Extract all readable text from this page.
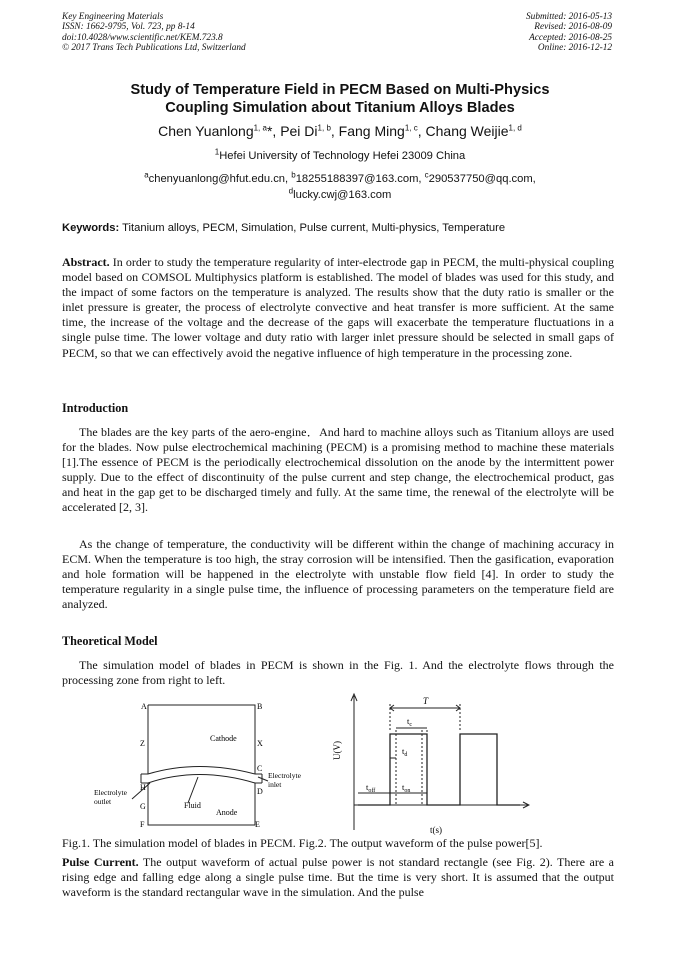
Key Engineering Materials
ISSN: 1662-9795, Vol. 723, pp 8-14
doi:10.4028/www.scientific.net/KEM.723.8
© 2017 Trans Tech Publications Ltd, Switzerland
Submitted: 2016-05-13
Revised: 2016-08-09
Accepted: 2016-08-25
Online: 2016-12-12
Study of Temperature Field in PECM Based on Multi-Physics
Coupling Simulation about Titanium Alloys Blades
Chen Yuanlong$^{1, a}$*, Pei Di$^{1, b}$, Fang Ming$^{1, c}$, Chang Weijie$^{1, d}$
$^1$Hefei University of Technology Hefei 23009 China
$^a$chenyuanlong@hfut.edu.cn, $^b$18255188397@163.com, $^c$290537750@qq.com,
$^d$lucky.cwj@163.com
Keywords: Titanium alloys, PECM, Simulation, Pulse current, Multi-physics, Temperature
Abstract. In order to study the temperature regularity of inter-electrode gap in PECM, the multi-physical coupling model based on COMSOL Multiphysics platform is established. The model of blades was used for this study, and the impact of some factors on the temperature is analyzed. The results show that the duty ratio is smaller or the inlet pressure is greater, the process of electrolyte convective and heat transfer is more sufficient. At the same time, the increase of the voltage and the decrease of the gaps will exacerbate the temperature fluctuations in a single pulse time. The lower voltage and duty ratio with larger inlet pressure should be selected in small gaps of PECM, so that we can effectively avoid the negative influence of high temperature in the processing zone.
Introduction
The blades are the key parts of the aero-engine．And hard to machine alloys such as Titanium alloys are used for the blades. Now pulse electrochemical machining (PECM) is a promising method to machine these materials [1].The essence of PECM is the periodically electrochemical dissolution on the anode by the intermittent power supply. Due to the effect of discontinuity of the pulse current and step change, the electrochemical product, gas and heat in the gap get to be discharged timely and fully. At the same time, the renewal of the electrolyte will be accelerated [2, 3].
As the change of temperature, the conductivity will be different within the change of machining accuracy in ECM. When the temperature is too high, the stray corrosion will be intensified. Then the gasification, evaporation and hole formation will be happened in the electrolyte with unstable flow field [4]. In order to study the temperature regularity in a single pulse time, the influence of processing parameters on the temperature field are analyzed.
Theoretical Model
The simulation model of blades in PECM is shown in the Fig. 1. And the electrolyte flows through the processing zone from right to left.
A	B
Z	X
C
H	D
G
F	E
Cathode
Anode
Fluid
Electrolyte
outlet
Electrolyte
inlet
T
$t_c$
$t_d$
$t_{off}$	$t_{on}$
U(V)
t(s)
Fig.1. The simulation model of blades in PECM. Fig.2. The output waveform of the pulse power[5].
Pulse Current. The output waveform of actual pulse power is not standard rectangle (see Fig. 2). There are a rising edge and falling edge along a single pulse time. But the time is very short. It is assumed that the output waveform is the standard rectangular wave in the simulation. And the pulse
